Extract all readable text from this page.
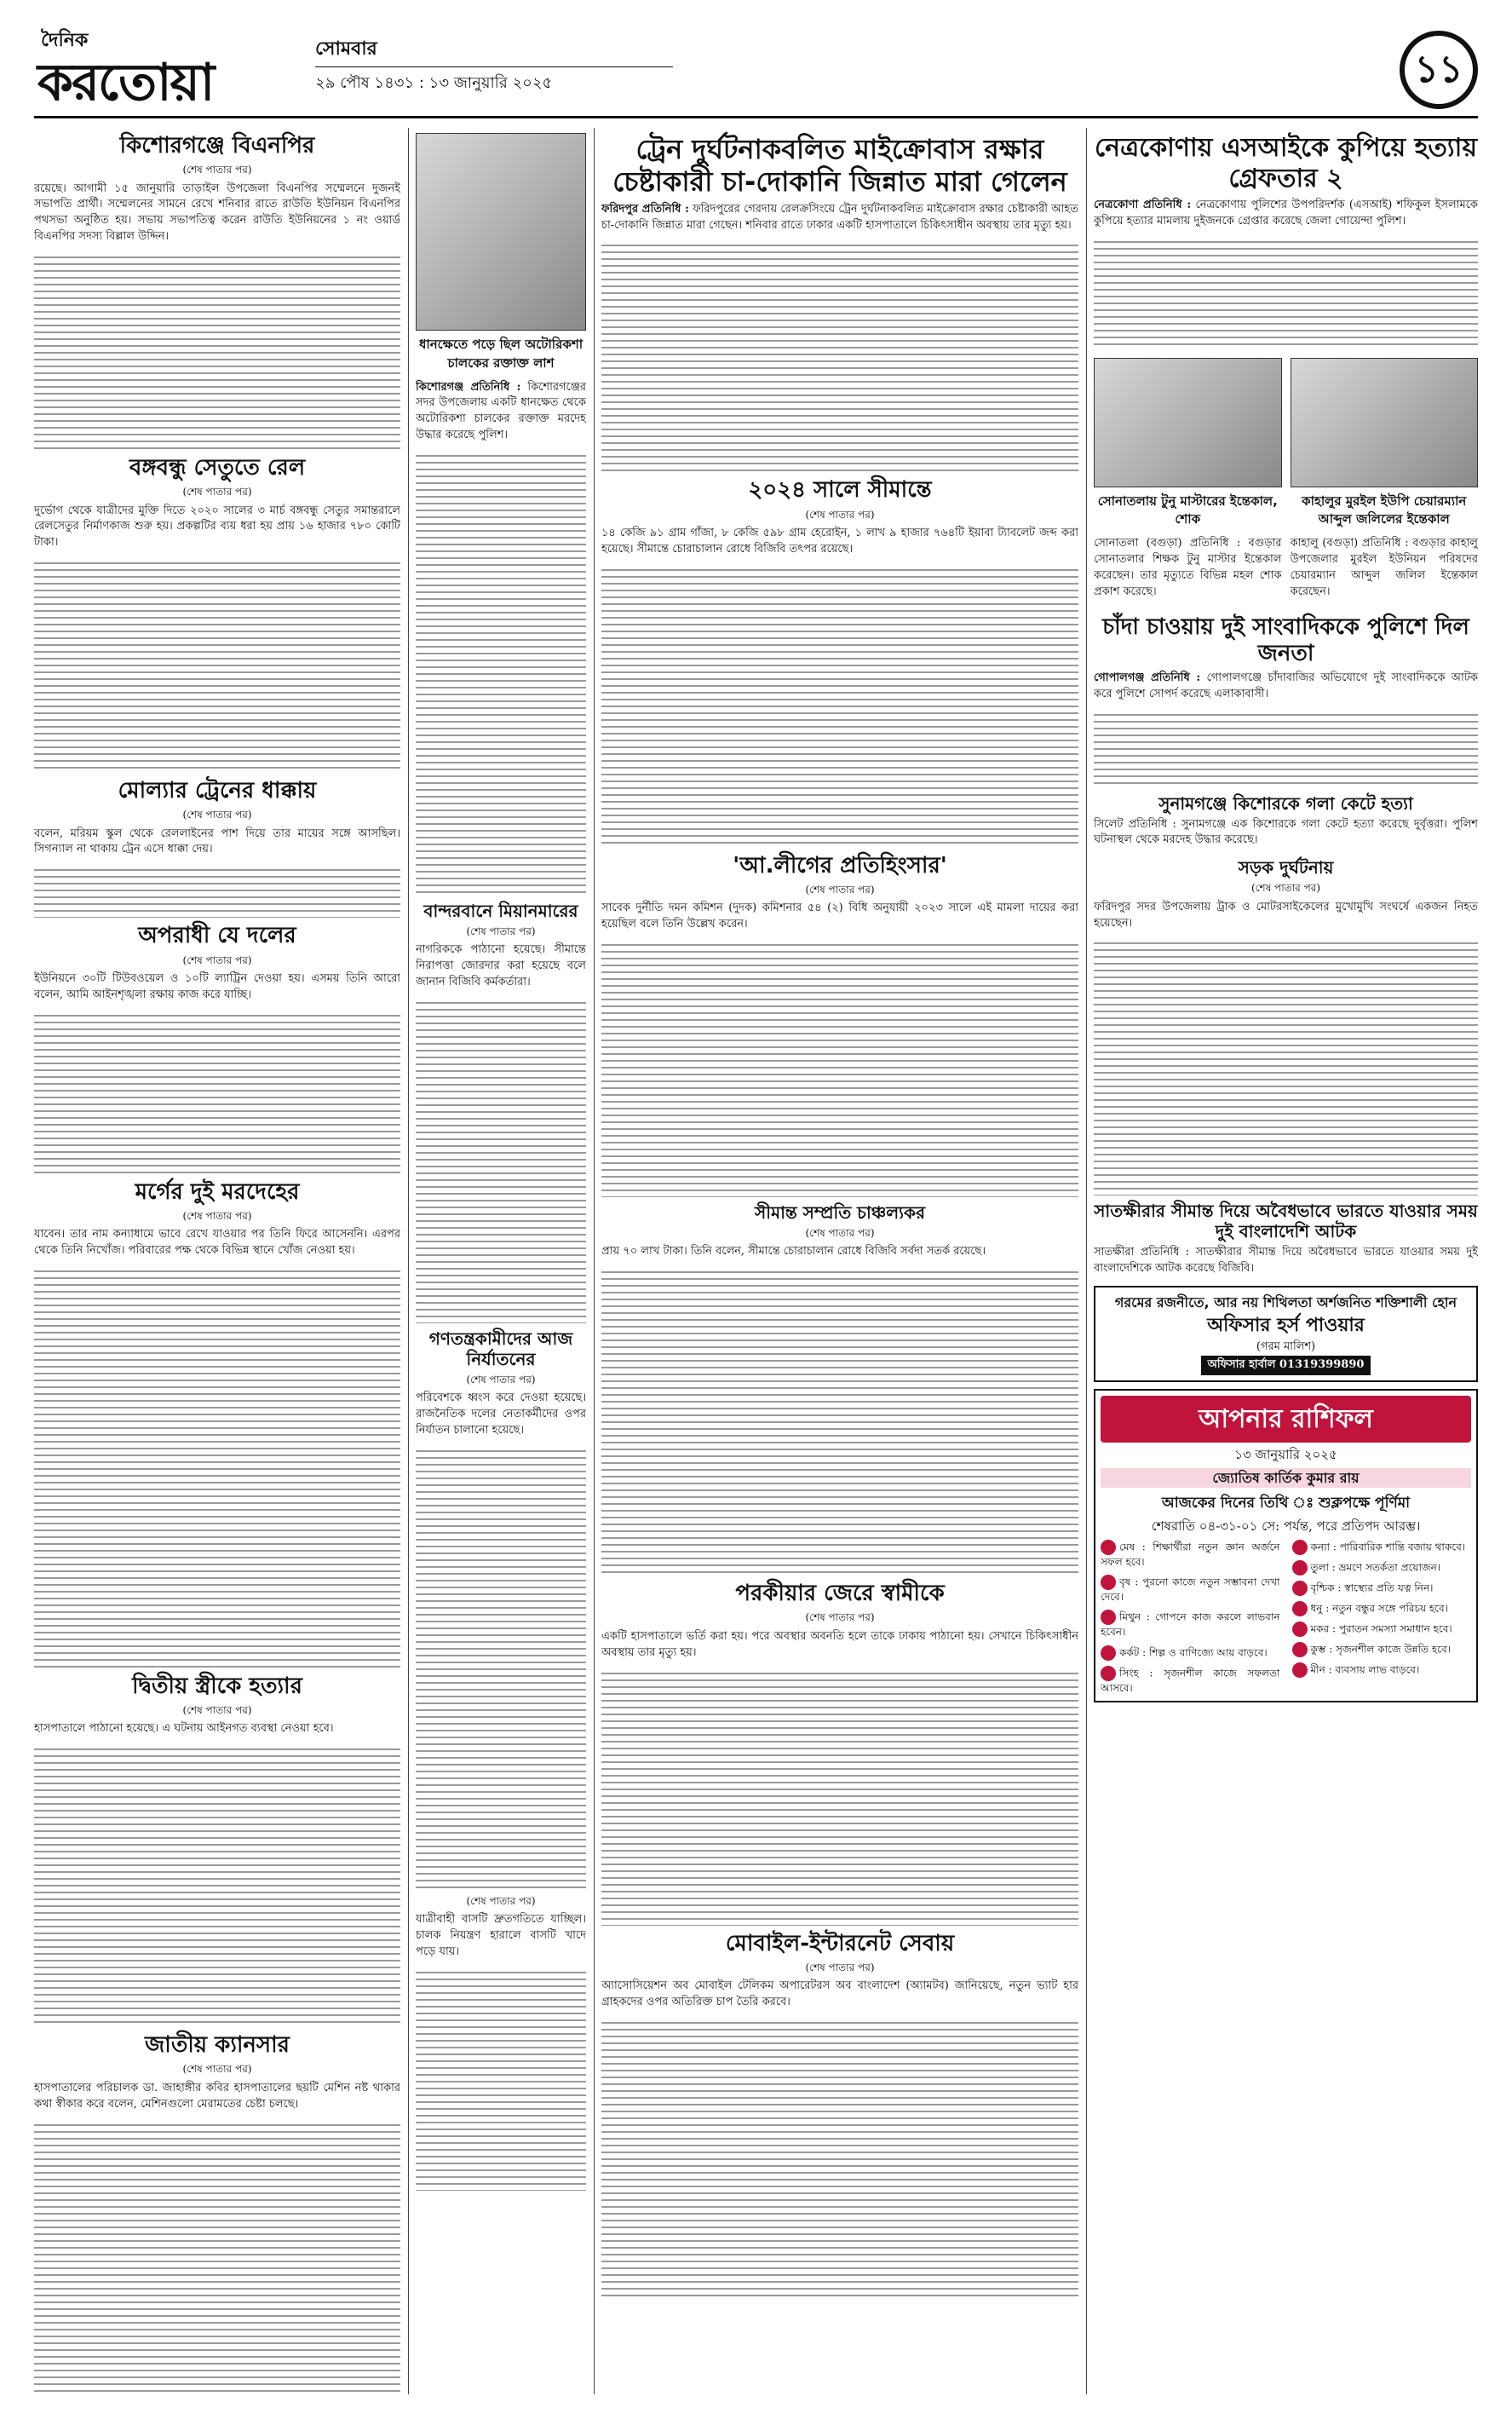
দৈনিক
করতোয়া
সোমবার
২৯ পৌষ ১৪৩১ : ১৩ জানুয়ারি ২০২৫	১১
কিশোরগঞ্জে বিএনপির
(শেষ পাতার পর)

রয়েছে। আগামী ১৫ জানুয়ারি তাড়াইল উপজেলা বিএনপির সম্মেলনে দুজনই সভাপতি প্রার্থী। সম্মেলনের সামনে রেখে শনিবার রাতে রাউতি ইউনিয়ন বিএনপির পথসভা অনুষ্ঠিত হয়। সভায় সভাপতিত্ব করেন রাউতি ইউনিয়নের ১ নং ওয়ার্ড বিএনপির সদস্য বিল্লাল উদ্দিন।

বঙ্গবন্ধু সেতুতে রেল
(শেষ পাতার পর)

দুর্ভোগ থেকে যাত্রীদের মুক্তি দিতে ২০২০ সালের ৩ মার্চ বঙ্গবন্ধু সেতুর সমান্তরালে রেলসেতুর নির্মাণকাজ শুরু হয়। প্রকল্পটির ব্যয় ধরা হয় প্রায় ১৬ হাজার ৭৮০ কোটি টাকা।

মোল্যার ট্রেনের ধাক্কায়
(শেষ পাতার পর)

বলেন, মরিয়ম স্কুল থেকে রেললাইনের পাশ দিয়ে তার মায়ের সঙ্গে আসছিল। সিগন্যাল না থাকায় ট্রেন এসে ধাক্কা দেয়।

অপরাধী যে দলের
(শেষ পাতার পর)

ইউনিয়নে ৩০টি টিউবওয়েল ও ১০টি ল্যাট্রিন দেওয়া হয়। এসময় তিনি আরো বলেন, আমি আইনশৃঙ্খলা রক্ষায় কাজ করে যাচ্ছি।

মর্গের দুই মরদেহের
(শেষ পাতার পর)

যাবেন। তার নাম কন্যাধামে ভাবে রেখে যাওয়ার পর তিনি ফিরে আসেননি। এরপর থেকে তিনি নিখোঁজ। পরিবারের পক্ষ থেকে বিভিন্ন স্থানে খোঁজ নেওয়া হয়।

দ্বিতীয় স্ত্রীকে হত্যার
(শেষ পাতার পর)

হাসপাতালে পাঠানো হয়েছে। এ ঘটনায় আইনগত ব্যবস্থা নেওয়া হবে।

জাতীয় ক্যানসার
(শেষ পাতার পর)

হাসপাতালের পরিচালক ডা. জাহাঙ্গীর কবির হাসপাতালের ছয়টি মেশিন নষ্ট থাকার কথা স্বীকার করে বলেন, মেশিনগুলো মেরামতের চেষ্টা চলছে।

ধানক্ষেতে পড়ে ছিল অটোরিকশা চালকের রক্তাক্ত লাশ

কিশোরগঞ্জ প্রতিনিধি : কিশোরগঞ্জের সদর উপজেলায় একটি ধানক্ষেত থেকে অটোরিকশা চালকের রক্তাক্ত মরদেহ উদ্ধার করেছে পুলিশ।

বান্দরবানে মিয়ানমারের
(শেষ পাতার পর)

নাগরিককে পাঠানো হয়েছে। সীমান্তে নিরাপত্তা জোরদার করা হয়েছে বলে জানান বিজিবি কর্মকর্তারা।

গণতন্ত্রকামীদের আজ নির্যাতনের
(শেষ পাতার পর)

পরিবেশকে ধ্বংস করে দেওয়া হয়েছে। রাজনৈতিক দলের নেতাকর্মীদের ওপর নির্যাতন চালানো হয়েছে।

(শেষ পাতার পর)

যাত্রীবাহী বাসটি দ্রুতগতিতে যাচ্ছিল। চালক নিয়ন্ত্রণ হারালে বাসটি খাদে পড়ে যায়।

ট্রেন দুর্ঘটনাকবলিত মাইক্রোবাস রক্ষার চেষ্টাকারী চা-দোকানি জিন্নাত মারা গেলেন

ফরিদপুর প্রতিনিধি : ফরিদপুরের গেরদায় রেলক্রসিংয়ে ট্রেন দুর্ঘটনাকবলিত মাইক্রোবাস রক্ষার চেষ্টাকারী আহত চা-দোকানি জিন্নাত মারা গেছেন। শনিবার রাতে ঢাকার একটি হাসপাতালে চিকিৎসাধীন অবস্থায় তার মৃত্যু হয়।

২০২৪ সালে সীমান্তে
(শেষ পাতার পর)

১৪ কেজি ৯১ গ্রাম গাঁজা, ৮ কেজি ৫৯৮ গ্রাম হেরোইন, ১ লাখ ৯ হাজার ৭৬৪টি ইয়াবা ট্যাবলেট জব্দ করা হয়েছে। সীমান্তে চোরাচালান রোধে বিজিবি তৎপর রয়েছে।

'আ.লীগের প্রতিহিংসার'
(শেষ পাতার পর)

সাবেক দুর্নীতি দমন কমিশন (দুদক) কমিশনার ৫৪ (২) বিধি অনুযায়ী ২০২৩ সালে এই মামলা দায়ের করা হয়েছিল বলে তিনি উল্লেখ করেন।

সীমান্ত সম্প্রতি চাঞ্চল্যকর
(শেষ পাতার পর)

প্রায় ৭০ লাখ টাকা। তিনি বলেন, সীমান্তে চোরাচালান রোধে বিজিবি সর্বদা সতর্ক রয়েছে।

পরকীয়ার জেরে স্বামীকে
(শেষ পাতার পর)

একটি হাসপাতালে ভর্তি করা হয়। পরে অবস্থার অবনতি হলে তাকে ঢাকায় পাঠানো হয়। সেখানে চিকিৎসাধীন অবস্থায় তার মৃত্যু হয়।

মোবাইল-ইন্টারনেট সেবায়
(শেষ পাতার পর)

অ্যাসোসিয়েশন অব মোবাইল টেলিকম অপারেটরস অব বাংলাদেশ (অ্যামটব) জানিয়েছে, নতুন ভ্যাট হার গ্রাহকদের ওপর অতিরিক্ত চাপ তৈরি করবে।

নেত্রকোণায় এসআইকে কুপিয়ে হত্যায় গ্রেফতার ২

নেত্রকোণা প্রতিনিধি : নেত্রকোণায় পুলিশের উপপরিদর্শক (এসআই) শফিকুল ইসলামকে কুপিয়ে হত্যার মামলায় দুইজনকে গ্রেপ্তার করেছে জেলা গোয়েন্দা পুলিশ।

সোনাতলায় টুনু মাস্টারের ইন্তেকাল, শোক

সোনাতলা (বগুড়া) প্রতিনিধি : বগুড়ার সোনাতলার শিক্ষক টুনু মাস্টার ইন্তেকাল করেছেন। তার মৃত্যুতে বিভিন্ন মহল শোক প্রকাশ করেছে।

কাহালুর মুরইল ইউপি চেয়ারম্যান আব্দুল জলিলের ইন্তেকাল

কাহালু (বগুড়া) প্রতিনিধি : বগুড়ার কাহালু উপজেলার মুরইল ইউনিয়ন পরিষদের চেয়ারম্যান আব্দুল জলিল ইন্তেকাল করেছেন।

চাঁদা চাওয়ায় দুই সাংবাদিককে পুলিশে দিল জনতা

গোপালগঞ্জ প্রতিনিধি : গোপালগঞ্জে চাঁদাবাজির অভিযোগে দুই সাংবাদিককে আটক করে পুলিশে সোপর্দ করেছে এলাকাবাসী।

সুনামগঞ্জে কিশোরকে গলা কেটে হত্যা

সিলেট প্রতিনিধি : সুনামগঞ্জে এক কিশোরকে গলা কেটে হত্যা করেছে দুর্বৃত্তরা। পুলিশ ঘটনাস্থল থেকে মরদেহ উদ্ধার করেছে।

সড়ক দুর্ঘটনায়
(শেষ পাতার পর)

ফরিদপুর সদর উপজেলায় ট্রাক ও মোটরসাইকেলের মুখোমুখি সংঘর্ষে একজন নিহত হয়েছেন।

সাতক্ষীরার সীমান্ত দিয়ে অবৈধভাবে ভারতে যাওয়ার সময় দুই বাংলাদেশি আটক

সাতক্ষীরা প্রতিনিধি : সাতক্ষীরার সীমান্ত দিয়ে অবৈধভাবে ভারতে যাওয়ার সময় দুই বাংলাদেশিকে আটক করেছে বিজিবি।

গরমের রজনীতে, আর নয় শিথিলতা অর্শজনিত শক্তিশালী হোন
অফিসার হর্স পাওয়ার
(গরম মালিশ)
অফিসার হার্বাল 01319399890
আপনার রাশিফল
১৩ জানুয়ারি ২০২৫
জ্যোতিষ কার্তিক কুমার রায়
আজকের দিনের তিথি ঃ শুক্লপক্ষে পূর্ণিমা
শেষরাতি ০৪-৩১-০১ সে: পর্যন্ত, পরে প্রতিপদ আরম্ভ।
মেষ : শিক্ষার্থীরা নতুন জ্ঞান অর্জনে সফল হবে।
বৃষ : পুরনো কাজে নতুন সম্ভাবনা দেখা দেবে।
মিথুন : গোপনে কাজ করলে লাভবান হবেন।
কর্কট : শিল্প ও বাণিজ্যে আয় বাড়বে।
সিংহ : সৃজনশীল কাজে সফলতা আসবে।
কন্যা : পারিবারিক শান্তি বজায় থাকবে।
তুলা : ভ্রমণে সতর্কতা প্রয়োজন।
বৃশ্চিক : স্বাস্থ্যের প্রতি যত্ন নিন।
ধনু : নতুন বন্ধুর সঙ্গে পরিচয় হবে।
মকর : পুরাতন সমস্যা সমাধান হবে।
কুম্ভ : সৃজনশীল কাজে উন্নতি হবে।
মীন : ব্যবসায় লাভ বাড়বে।
